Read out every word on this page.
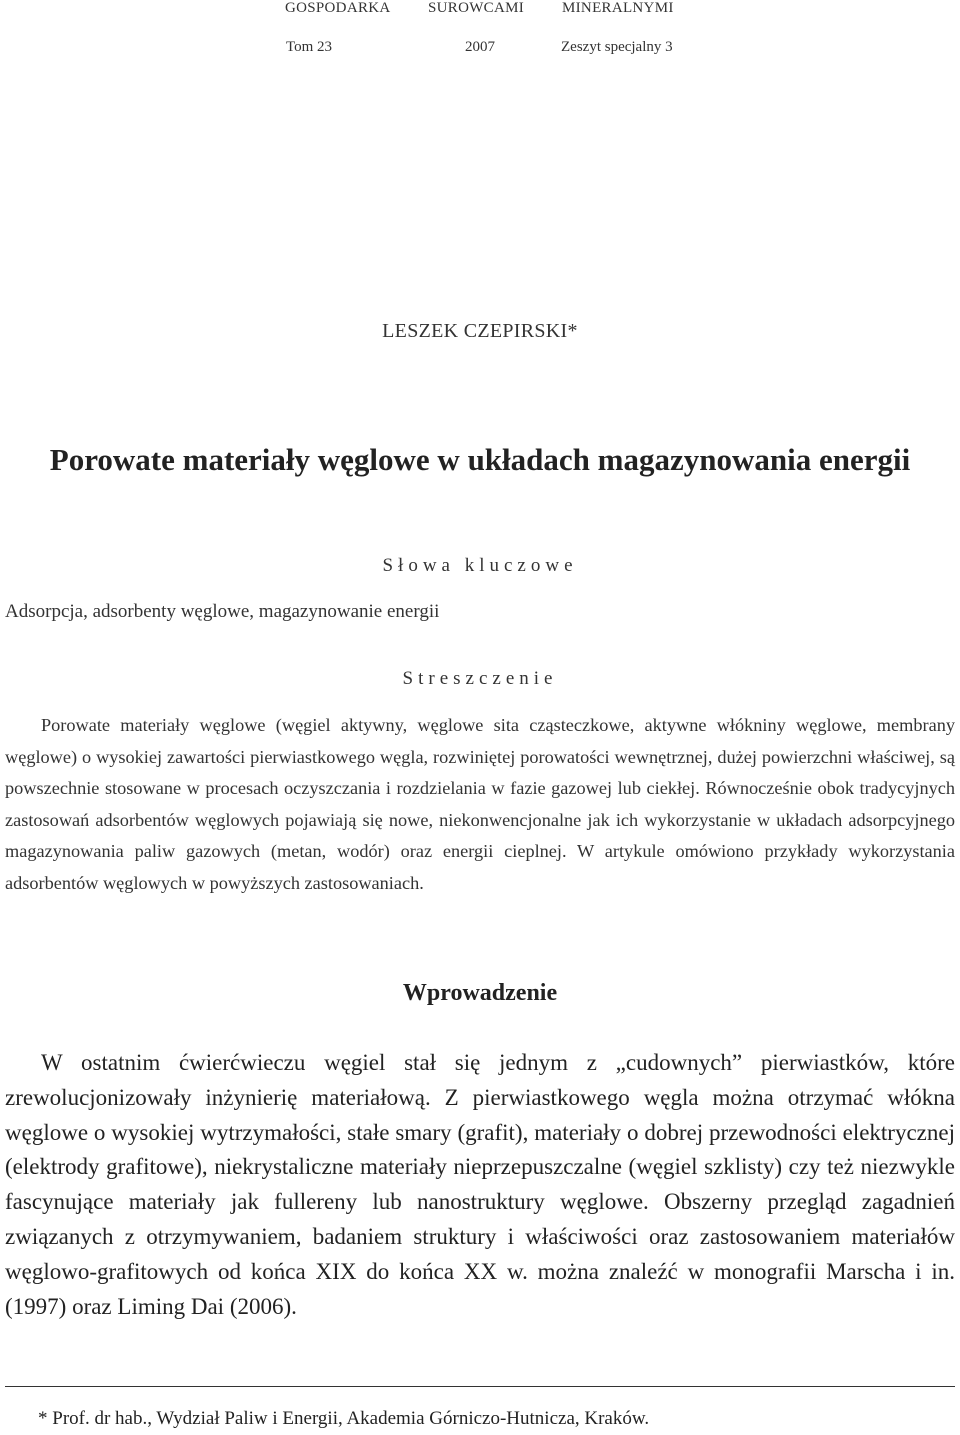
GOSPODARKA SUROWCAMI	MINERALNYMI
Tom 23	2007	Zeszyt specjalny 3
LESZEK CZEPIRSKI*
Porowate materiały węglowe w układach magazynowania energii
Słowa kluczowe
Adsorpcja, adsorbenty węglowe, magazynowanie energii
Streszczenie
Porowate materiały węglowe (węgiel aktywny, węglowe sita cząsteczkowe, aktywne włókniny węglowe, membrany węglowe) o wysokiej zawartości pierwiastkowego węgla, rozwiniętej porowatości wewnętrznej, dużej powierzchni właściwej, są powszechnie stosowane w procesach oczyszczania i rozdzielania w fazie gazowej lub ciekłej. Równocześnie obok tradycyjnych zastosowań adsorbentów węglowych pojawiają się nowe, niekonwencjonalne jak ich wykorzystanie w układach adsorpcyjnego magazynowania paliw gazowych (metan, wodór) oraz energii cieplnej. W artykule omówiono przykłady wykorzystania adsorbentów węglowych w powyższych zastosowaniach.
Wprowadzenie

W ostatnim ćwierćwieczu węgiel stał się jednym z „cudownych” pierwiastków, które zrewolucjonizowały inżynierię materiałową. Z pierwiastkowego węgla można otrzymać włókna węglowe o wysokiej wytrzymałości, stałe smary (grafit), materiały o dobrej przewodności elektrycznej (elektrody grafitowe), niekrystaliczne materiały nieprzepuszczalne (węgiel szklisty) czy też niezwykle fascynujące materiały jak fullereny lub nanostruktury węglowe. Obszerny przegląd zagadnień związanych z otrzymywaniem, badaniem struktury i właściwości oraz zastosowaniem materiałów węglowo-grafitowych od końca XIX do końca XX w. można znaleźć w monografii Marscha i in. (1997) oraz Liming Dai (2006).

* Prof. dr hab., Wydział Paliw i Energii, Akademia Górniczo-Hutnicza, Kraków.
